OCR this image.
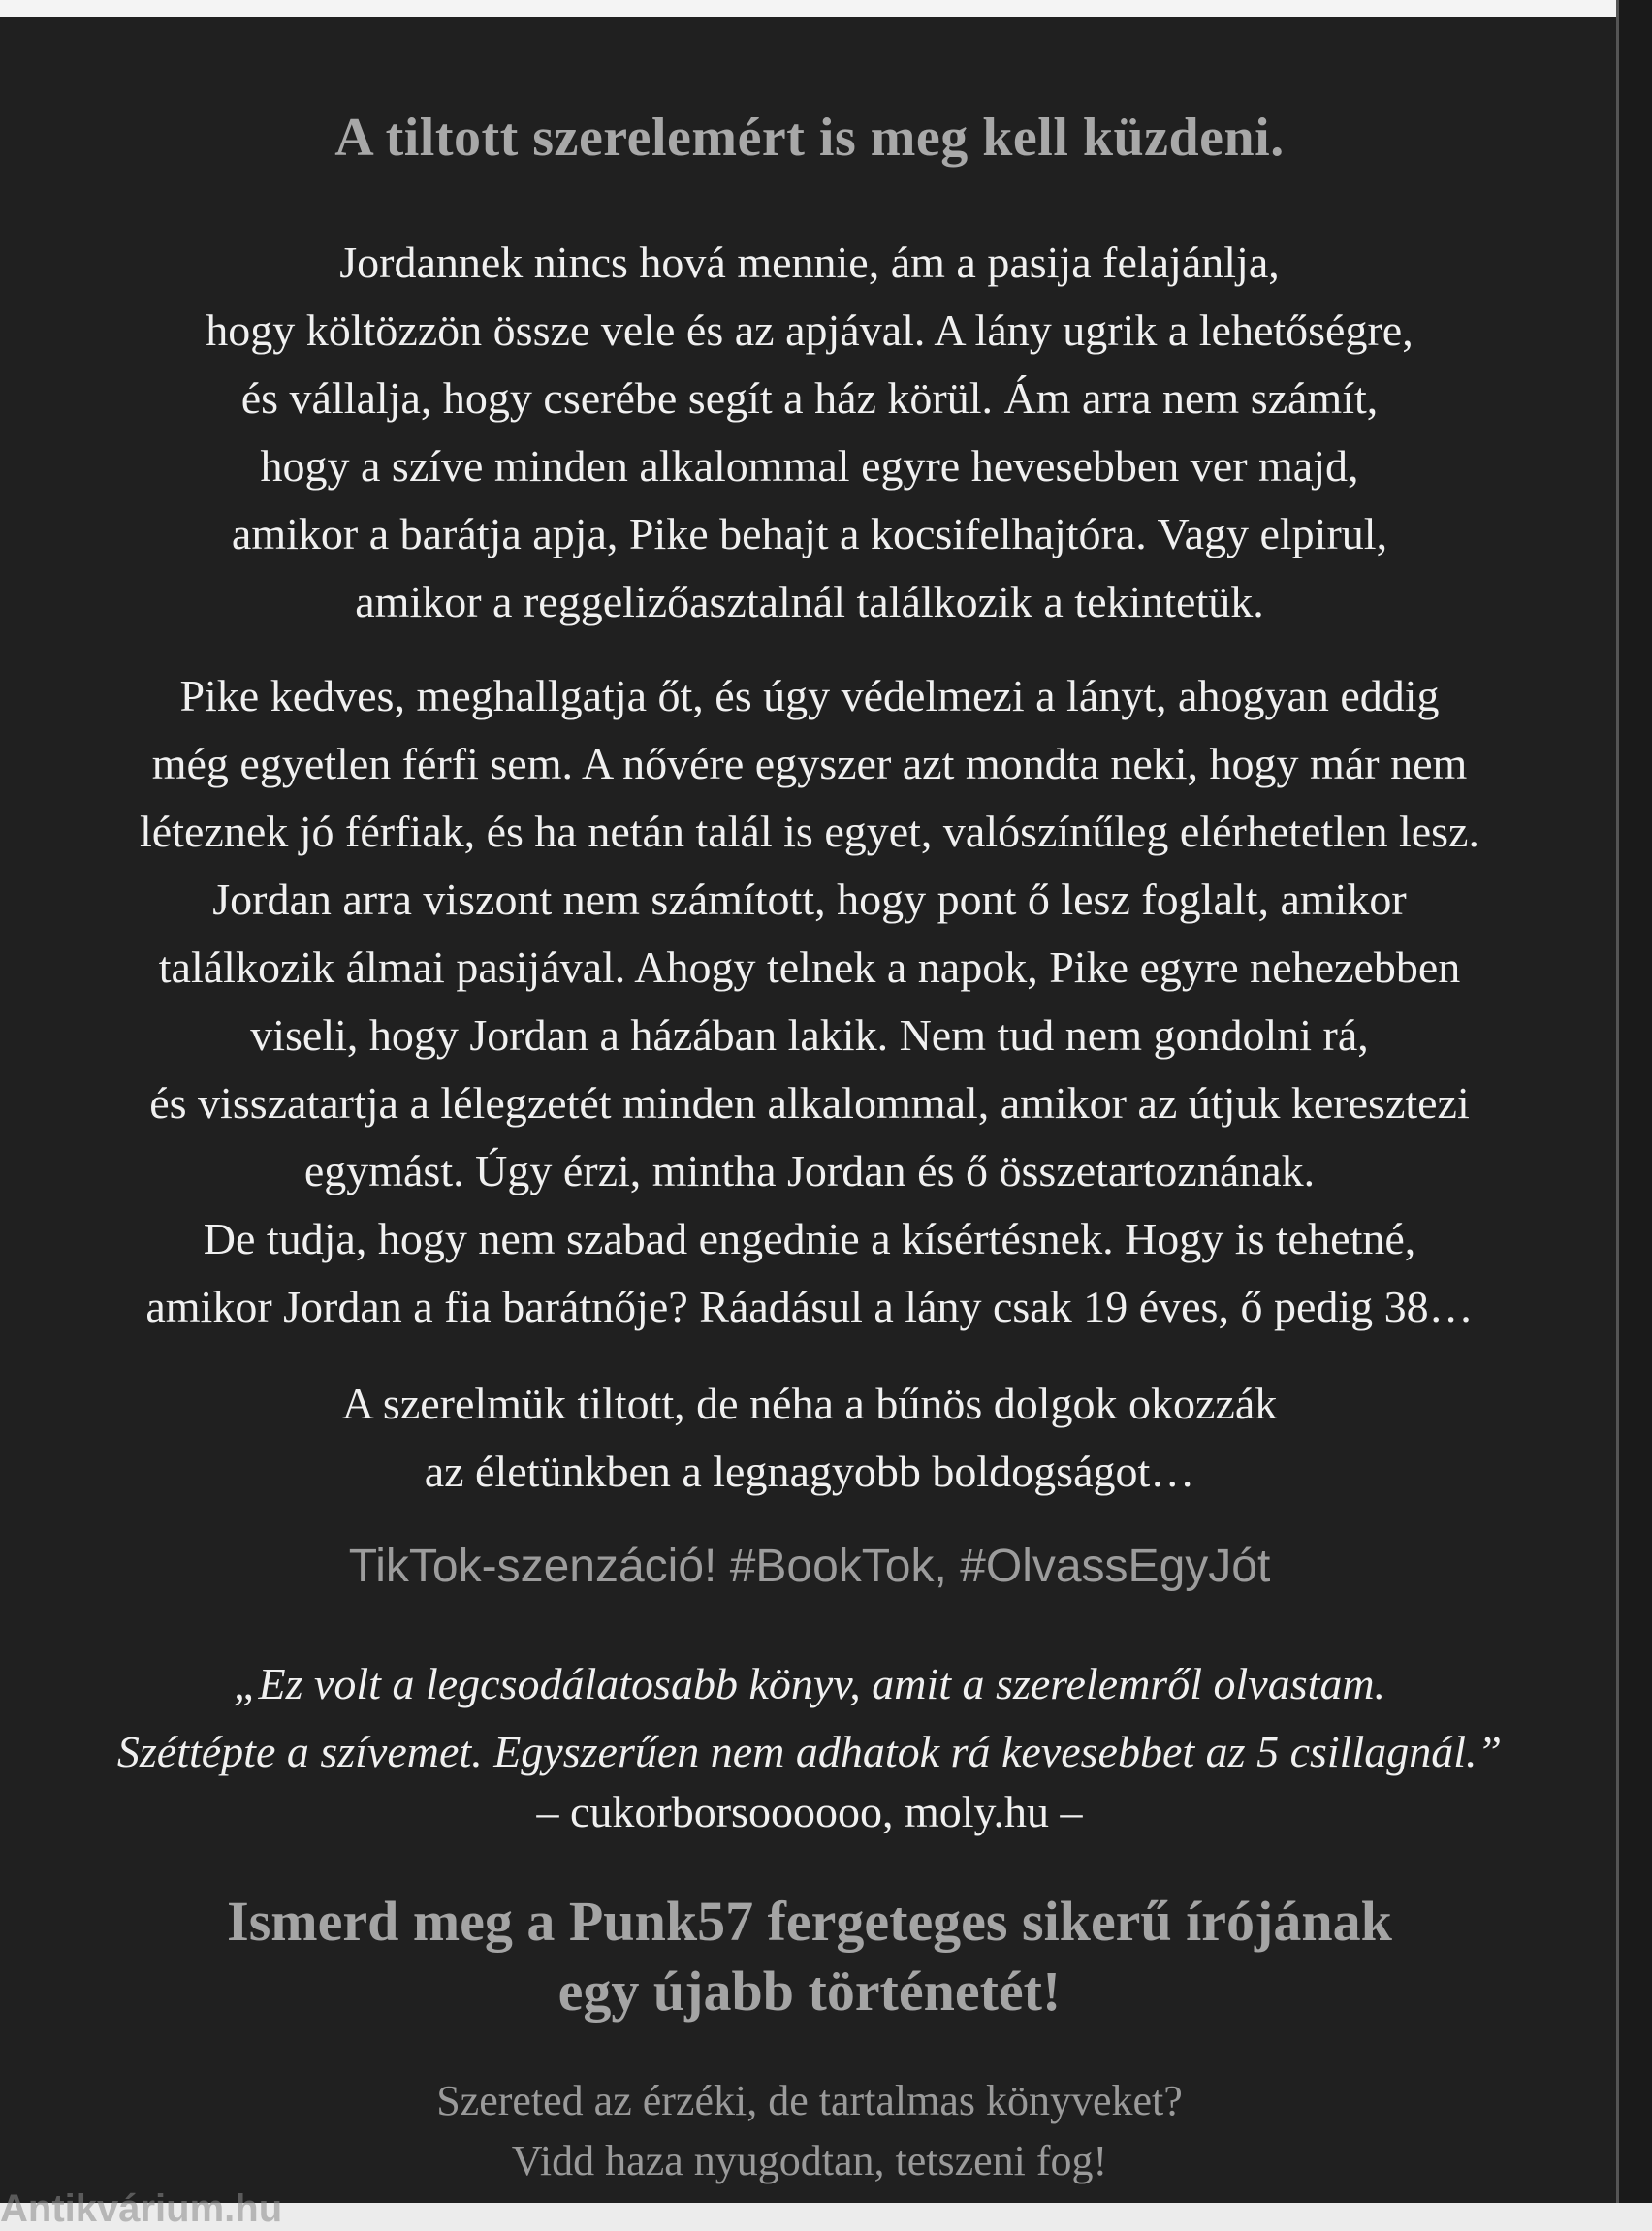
A tiltott szerelemért is meg kell küzdeni.
Jordannek nincs hová mennie, ám a pasija felajánlja,
hogy költözzön össze vele és az apjával. A lány ugrik a lehetőségre,
és vállalja, hogy cserébe segít a ház körül. Ám arra nem számít,
hogy a szíve minden alkalommal egyre hevesebben ver majd,
amikor a barátja apja, Pike behajt a kocsifelhajtóra. Vagy elpirul,
amikor a reggelizőasztalnál találkozik a tekintetük.
Pike kedves, meghallgatja őt, és úgy védelmezi a lányt, ahogyan eddig
még egyetlen férfi sem. A nővére egyszer azt mondta neki, hogy már nem
léteznek jó férfiak, és ha netán talál is egyet, valószínűleg elérhetetlen lesz.
Jordan arra viszont nem számított, hogy pont ő lesz foglalt, amikor
találkozik álmai pasijával. Ahogy telnek a napok, Pike egyre nehezebben
viseli, hogy Jordan a házában lakik. Nem tud nem gondolni rá,
és visszatartja a lélegzetét minden alkalommal, amikor az útjuk keresztezi
egymást. Úgy érzi, mintha Jordan és ő összetartoznának.
De tudja, hogy nem szabad engednie a kísértésnek. Hogy is tehetné,
amikor Jordan a fia barátnője? Ráadásul a lány csak 19 éves, ő pedig 38…
A szerelmük tiltott, de néha a bűnös dolgok okozzák
az életünkben a legnagyobb boldogságot…
TikTok-szenzáció! #BookTok, #OlvassEgyJót
„Ez volt a legcsodálatosabb könyv, amit a szerelemről olvastam.
Széttépte a szívemet. Egyszerűen nem adhatok rá kevesebbet az 5 csillagnál.”
– cukorborsoooooo, moly.hu –
Ismerd meg a Punk57 fergeteges sikerű írójának
egy újabb történetét!
Szereted az érzéki, de tartalmas könyveket?
Vidd haza nyugodtan, tetszeni fog!
Antikvárium.hu
